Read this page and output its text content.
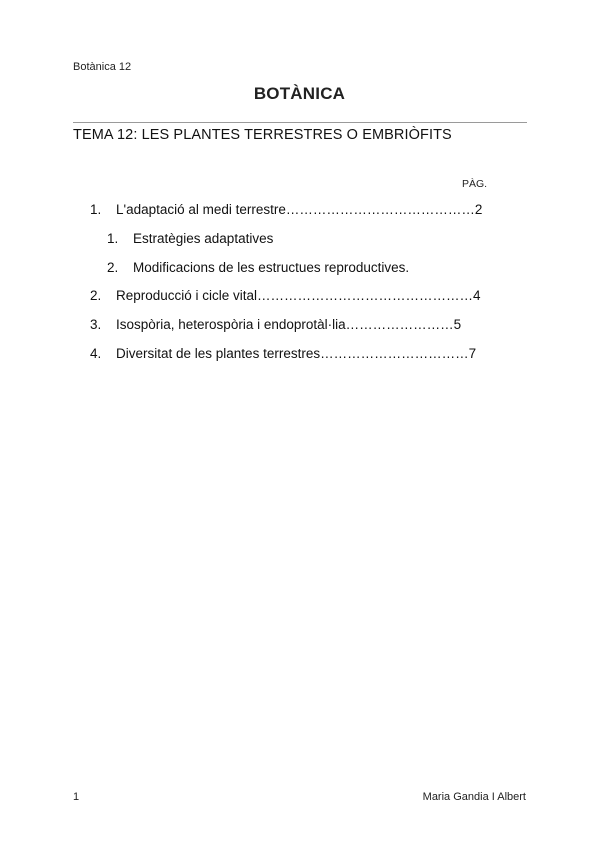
Botànica 12
BOTÀNICA
TEMA 12: LES PLANTES TERRESTRES O EMBRIÒFITS
PÀG.
1. L'adaptació al medi terrestre……………………………………2
1. Estratègies adaptatives
2. Modificacions de les estructues reproductives.
2. Reproducció i cicle vital…………………………………………4
3. Isospòria, heterospòria i endoprotàl·lia……………………5
4. Diversitat de les plantes terrestres……………………………7
1	Maria Gandia I Albert
